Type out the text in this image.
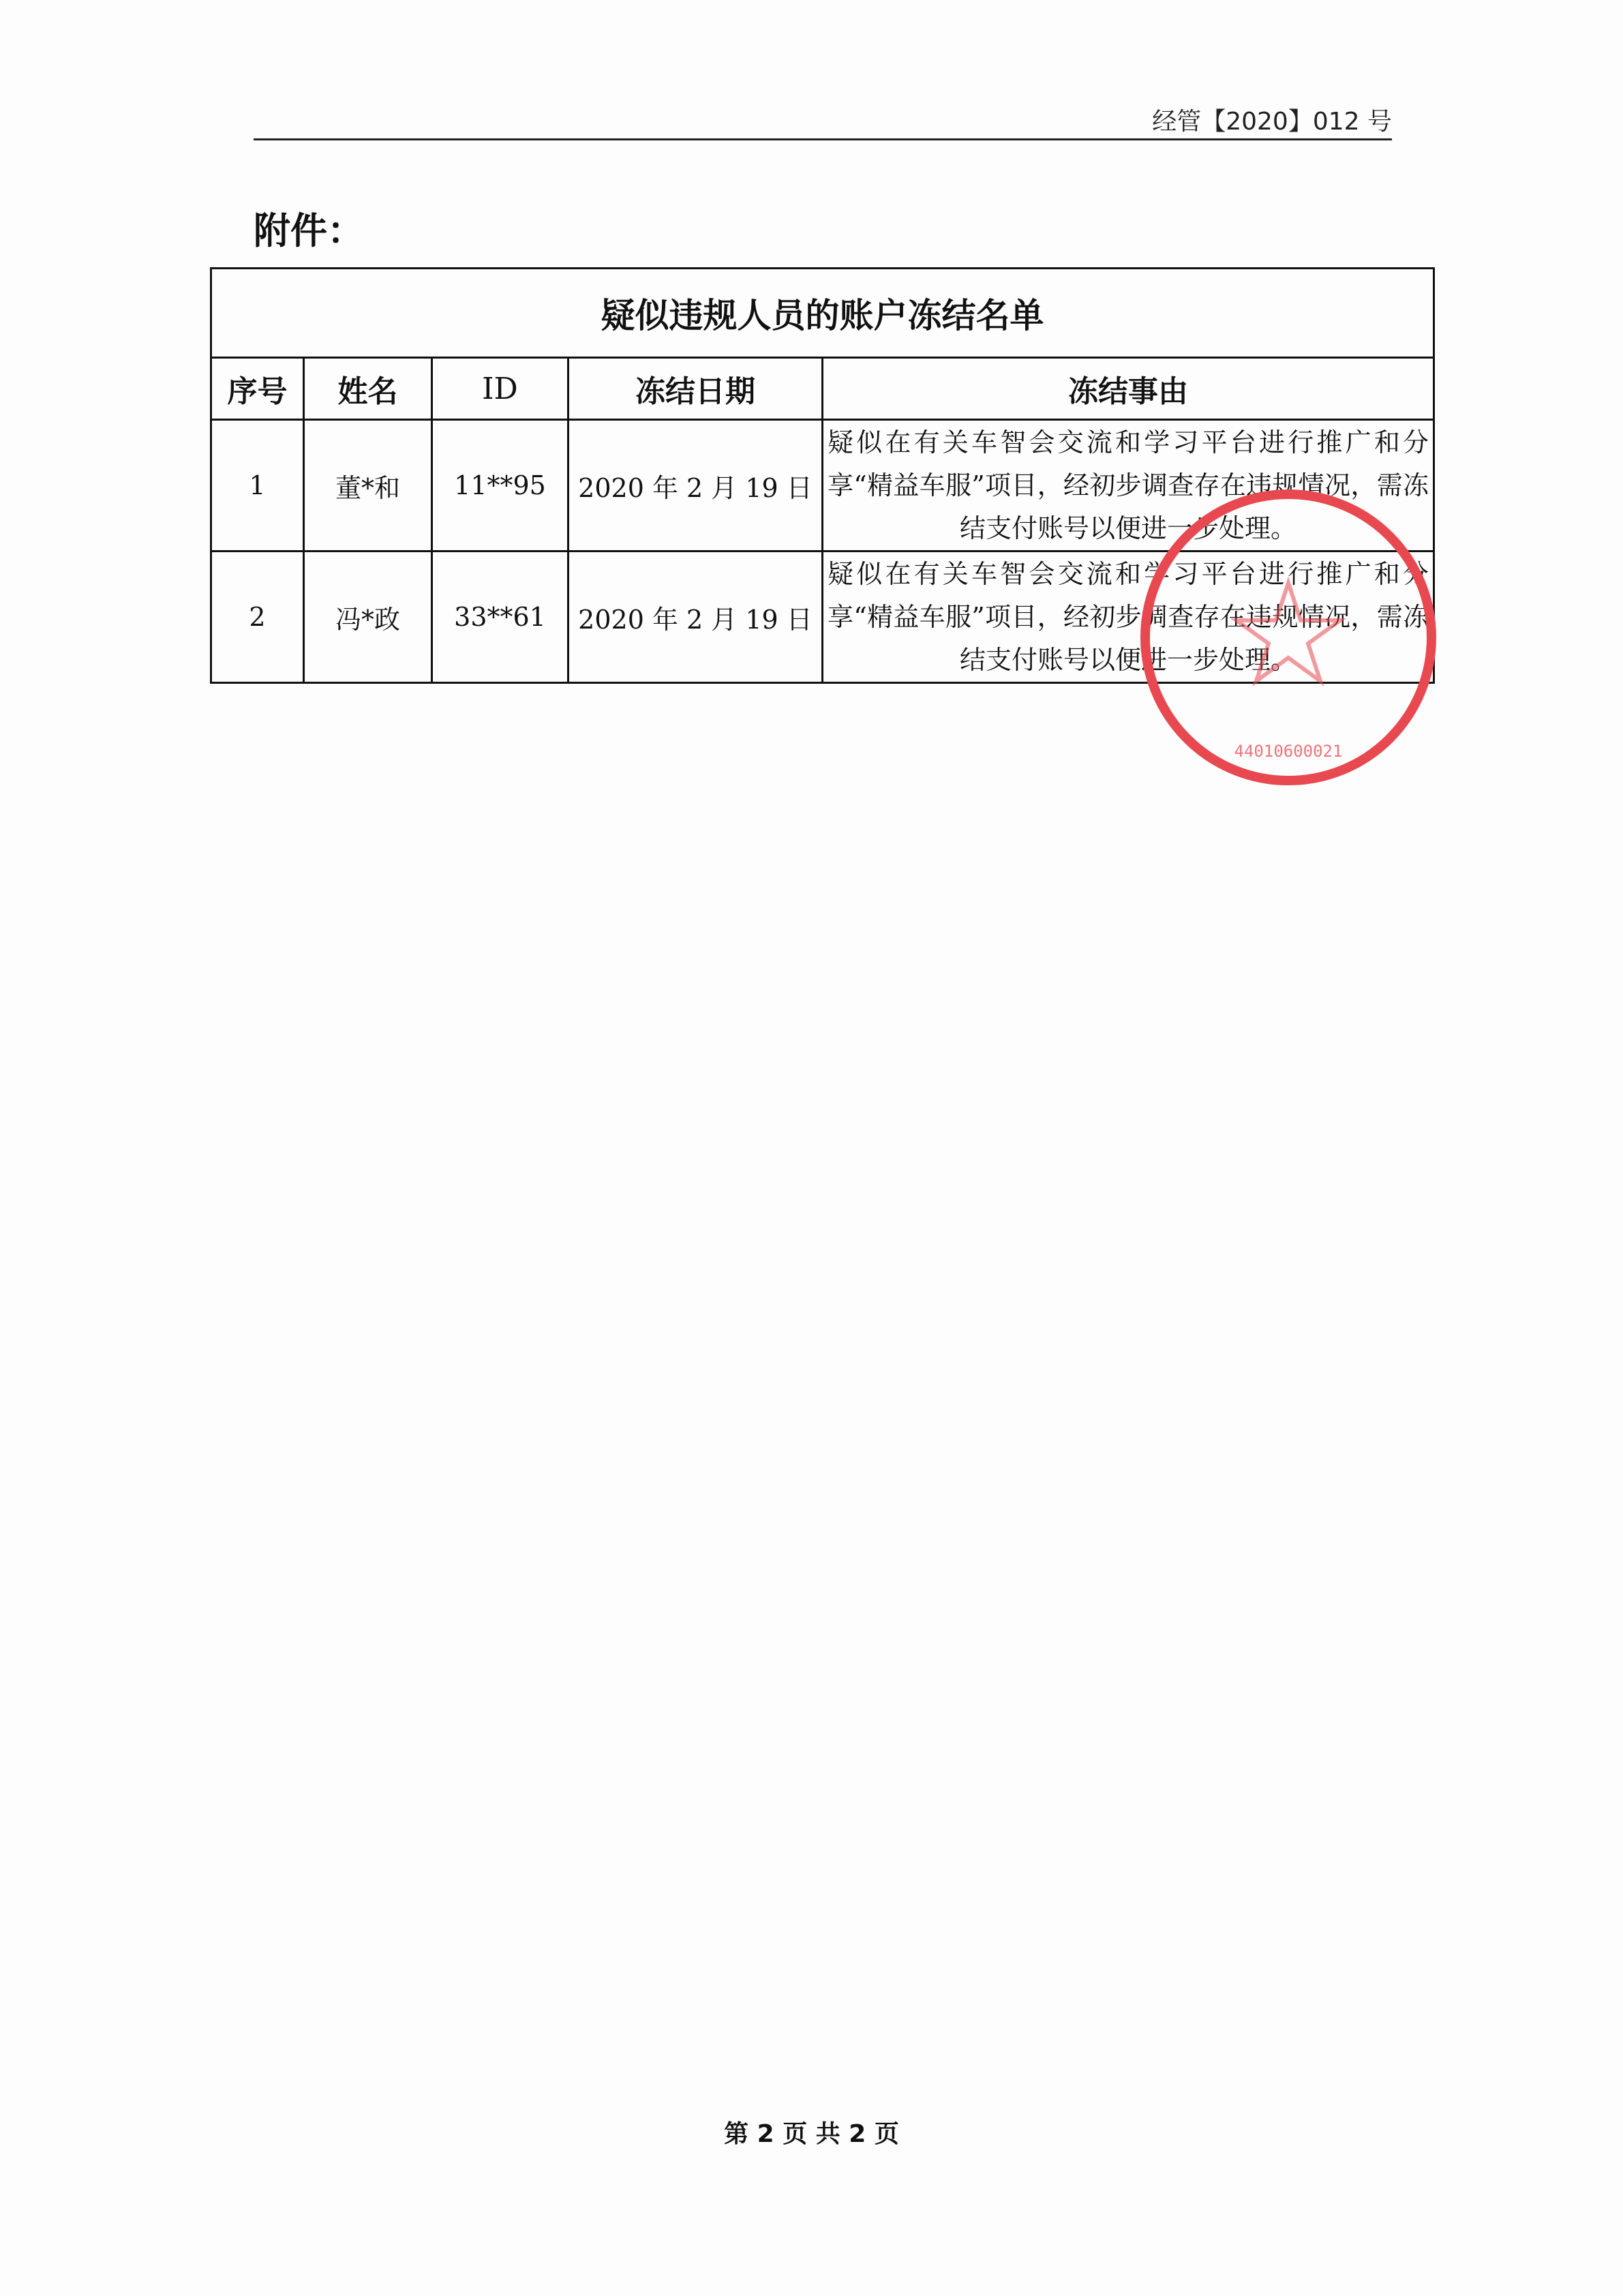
经管【2020】012 号
附件：
疑似违规人员的账户冻结名单				
序号	姓名	ID	冻结日期	冻结事由
1	董*和	11**95	2020 年 2 月 19 日	疑似在有关车智会交流和学习平台进行推广和分享“精益车服”项目，经初步调查存在违规情况，需冻结支付账号以便进一步处理。
2	冯*政	33**61	2020 年 2 月 19 日	疑似在有关车智会交流和学习平台进行推广和分享“精益车服”项目，经初步调查存在违规情况，需冻结支付账号以便进一步处理。
44010600021
第 2 页 共 2 页
